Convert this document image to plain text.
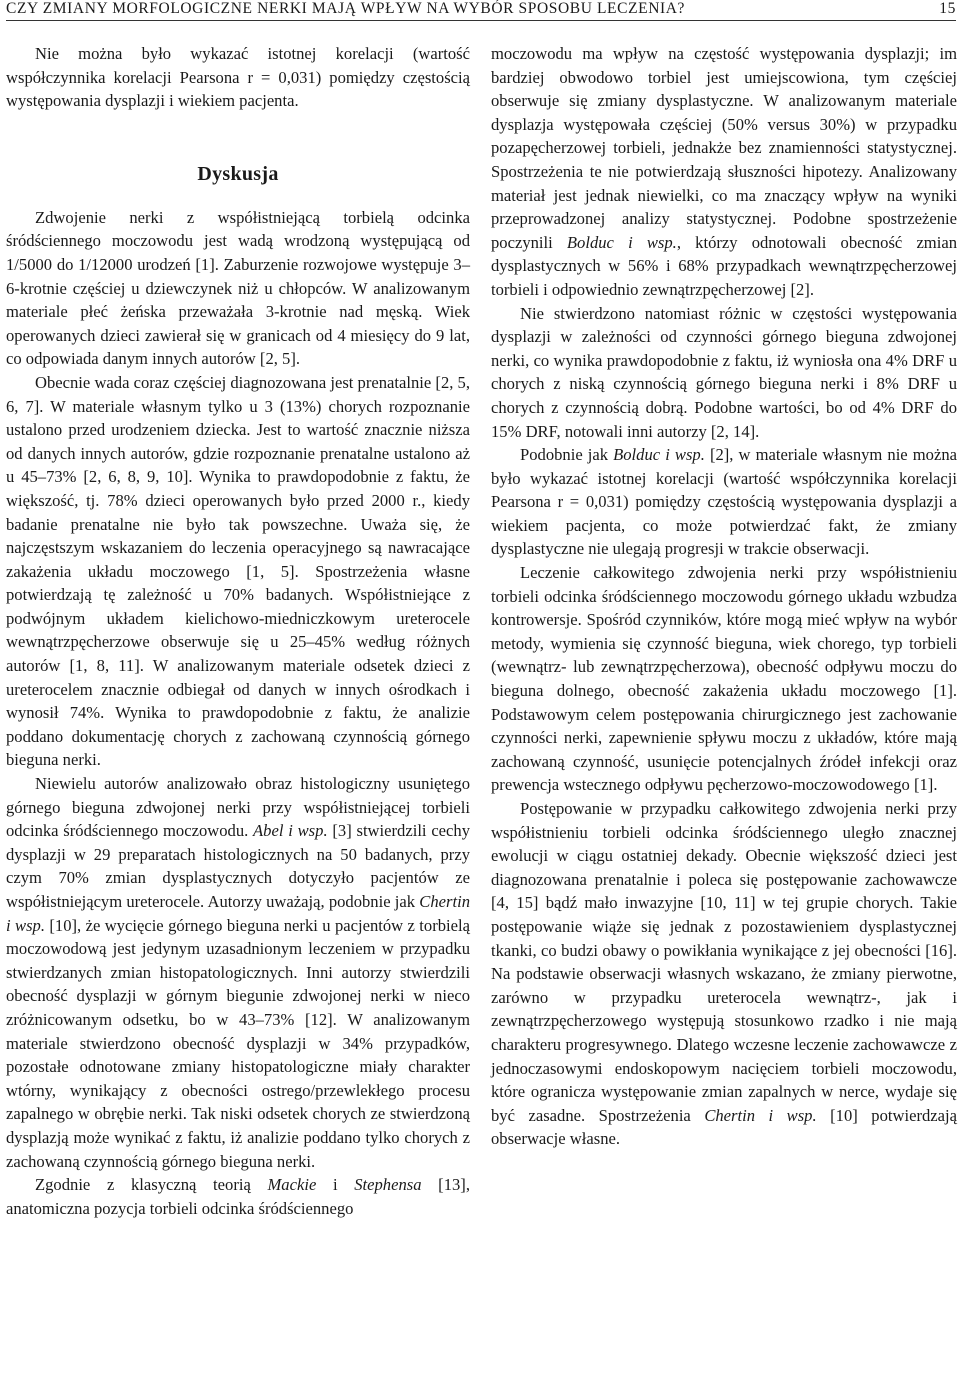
CZY ZMIANY MORFOLOGICZNE NERKI MAJĄ WPŁYW NA WYBÓR SPOSOBU LECZENIA?	15

Nie można było wykazać istotnej korelacji (wartość współczynnika korelacji Pearsona r = 0,031) pomiędzy częstością występowania dysplazji i wiekiem pacjenta.

Dyskusja

Zdwojenie nerki z współistniejącą torbielą odcinka śródściennego moczowodu jest wadą wrodzoną występującą od 1/5000 do 1/12000 urodzeń [1]. Zaburzenie rozwojowe występuje 3–6-krotnie częściej u dziewczynek niż u chłopców. W analizowanym materiale płeć żeńska przeważała 3-krotnie nad męską. Wiek operowanych dzieci zawierał się w granicach od 4 miesięcy do 9 lat, co odpowiada danym innych autorów [2, 5].

Obecnie wada coraz częściej diagnozowana jest prenatalnie [2, 5, 6, 7]. W materiale własnym tylko u 3 (13%) chorych rozpoznanie ustalono przed urodzeniem dziecka. Jest to wartość znacznie niższa od danych innych autorów, gdzie rozpoznanie prenatalne ustalono aż u 45–73% [2, 6, 8, 9, 10]. Wynika to prawdopodobnie z faktu, że większość, tj. 78% dzieci operowanych było przed 2000 r., kiedy badanie prenatalne nie było tak powszechne. Uważa się, że najczęstszym wskazaniem do leczenia operacyjnego są nawracające zakażenia układu moczowego [1, 5]. Spostrzeżenia własne potwierdzają tę zależność u 70% badanych. Współistniejące z podwójnym układem kielichowo-miedniczkowym ureterocele wewnątrzpęcherzowe obserwuje się u 25–45% według różnych autorów [1, 8, 11]. W analizowanym materiale odsetek dzieci z ureterocelem znacznie odbiegał od danych w innych ośrodkach i wynosił 74%. Wynika to prawdopodobnie z faktu, że analizie poddano dokumentację chorych z zachowaną czynnością górnego bieguna nerki.

Niewielu autorów analizowało obraz histologiczny usuniętego górnego bieguna zdwojonej nerki przy współistniejącej torbieli odcinka śródściennego moczowodu. Abel i wsp. [3] stwierdzili cechy dysplazji w 29 preparatach histologicznych na 50 badanych, przy czym 70% zmian dysplastycznych dotyczyło pacjentów ze współistniejącym ureterocele. Autorzy uważają, podobnie jak Chertin i wsp. [10], że wycięcie górnego bieguna nerki u pacjentów z torbielą moczowodową jest jedynym uzasadnionym leczeniem w przypadku stwierdzanych zmian histopatologicznych. Inni autorzy stwierdzili obecność dysplazji w górnym biegunie zdwojonej nerki w nieco zróżnicowanym odsetku, bo w 43–73% [12]. W analizowanym materiale stwierdzono obecność dysplazji w 34% przypadków, pozostałe odnotowane zmiany histopatologiczne miały charakter wtórny, wynikający z obecności ostrego/przewlekłego procesu zapalnego w obrębie nerki. Tak niski odsetek chorych ze stwierdzoną dysplazją może wynikać z faktu, iż analizie poddano tylko chorych z zachowaną czynnością górnego bieguna nerki.

Zgodnie z klasyczną teorią Mackie i Stephensa [13], anatomiczna pozycja torbieli odcinka śródściennego

moczowodu ma wpływ na częstość występowania dysplazji; im bardziej obwodowo torbiel jest umiejscowiona, tym częściej obserwuje się zmiany dysplastyczne. W analizowanym materiale dysplazja występowała częściej (50% versus 30%) w przypadku pozapęcherzowej torbieli, jednakże bez znamienności statystycznej. Spostrzeżenia te nie potwierdzają słuszności hipotezy. Analizowany materiał jest jednak niewielki, co ma znaczący wpływ na wyniki przeprowadzonej analizy statystycznej. Podobne spostrzeżenie poczynili Bolduc i wsp., którzy odnotowali obecność zmian dysplastycznych w 56% i 68% przypadkach wewnątrzpęcherzowej torbieli i odpowiednio zewnątrzpęcherzowej [2].

Nie stwierdzono natomiast różnic w częstości występowania dysplazji w zależności od czynności górnego bieguna zdwojonej nerki, co wynika prawdopodobnie z faktu, iż wyniosła ona 4% DRF u chorych z niską czynnością górnego bieguna nerki i 8% DRF u chorych z czynnością dobrą. Podobne wartości, bo od 4% DRF do 15% DRF, notowali inni autorzy [2, 14].

Podobnie jak Bolduc i wsp. [2], w materiale własnym nie można było wykazać istotnej korelacji (wartość współczynnika korelacji Pearsona r = 0,031) pomiędzy częstością występowania dysplazji a wiekiem pacjenta, co może potwierdzać fakt, że zmiany dysplastyczne nie ulegają progresji w trakcie obserwacji.

Leczenie całkowitego zdwojenia nerki przy współistnieniu torbieli odcinka śródściennego moczowodu górnego układu wzbudza kontrowersje. Spośród czynników, które mogą mieć wpływ na wybór metody, wymienia się czynność bieguna, wiek chorego, typ torbieli (wewnątrz- lub zewnątrzpęcherzowa), obecność odpływu moczu do bieguna dolnego, obecność zakażenia układu moczowego [1]. Podstawowym celem postępowania chirurgicznego jest zachowanie czynności nerki, zapewnienie spływu moczu z układów, które mają zachowaną czynność, usunięcie potencjalnych źródeł infekcji oraz prewencja wstecznego odpływu pęcherzowo-moczowodowego [1].

Postępowanie w przypadku całkowitego zdwojenia nerki przy współistnieniu torbieli odcinka śródściennego uległo znacznej ewolucji w ciągu ostatniej dekady. Obecnie większość dzieci jest diagnozowana prenatalnie i poleca się postępowanie zachowawcze [4, 15] bądź mało inwazyjne [10, 11] w tej grupie chorych. Takie postępowanie wiąże się jednak z pozostawieniem dysplastycznej tkanki, co budzi obawy o powikłania wynikające z jej obecności [16]. Na podstawie obserwacji własnych wskazano, że zmiany pierwotne, zarówno w przypadku ureterocela wewnątrz-, jak i zewnątrzpęcherzowego występują stosunkowo rzadko i nie mają charakteru progresywnego. Dlatego wczesne leczenie zachowawcze z jednoczasowymi endoskopowym nacięciem torbieli moczowodu, które ogranicza występowanie zmian zapalnych w nerce, wydaje się być zasadne. Spostrzeżenia Chertin i wsp. [10] potwierdzają obserwacje własne.
